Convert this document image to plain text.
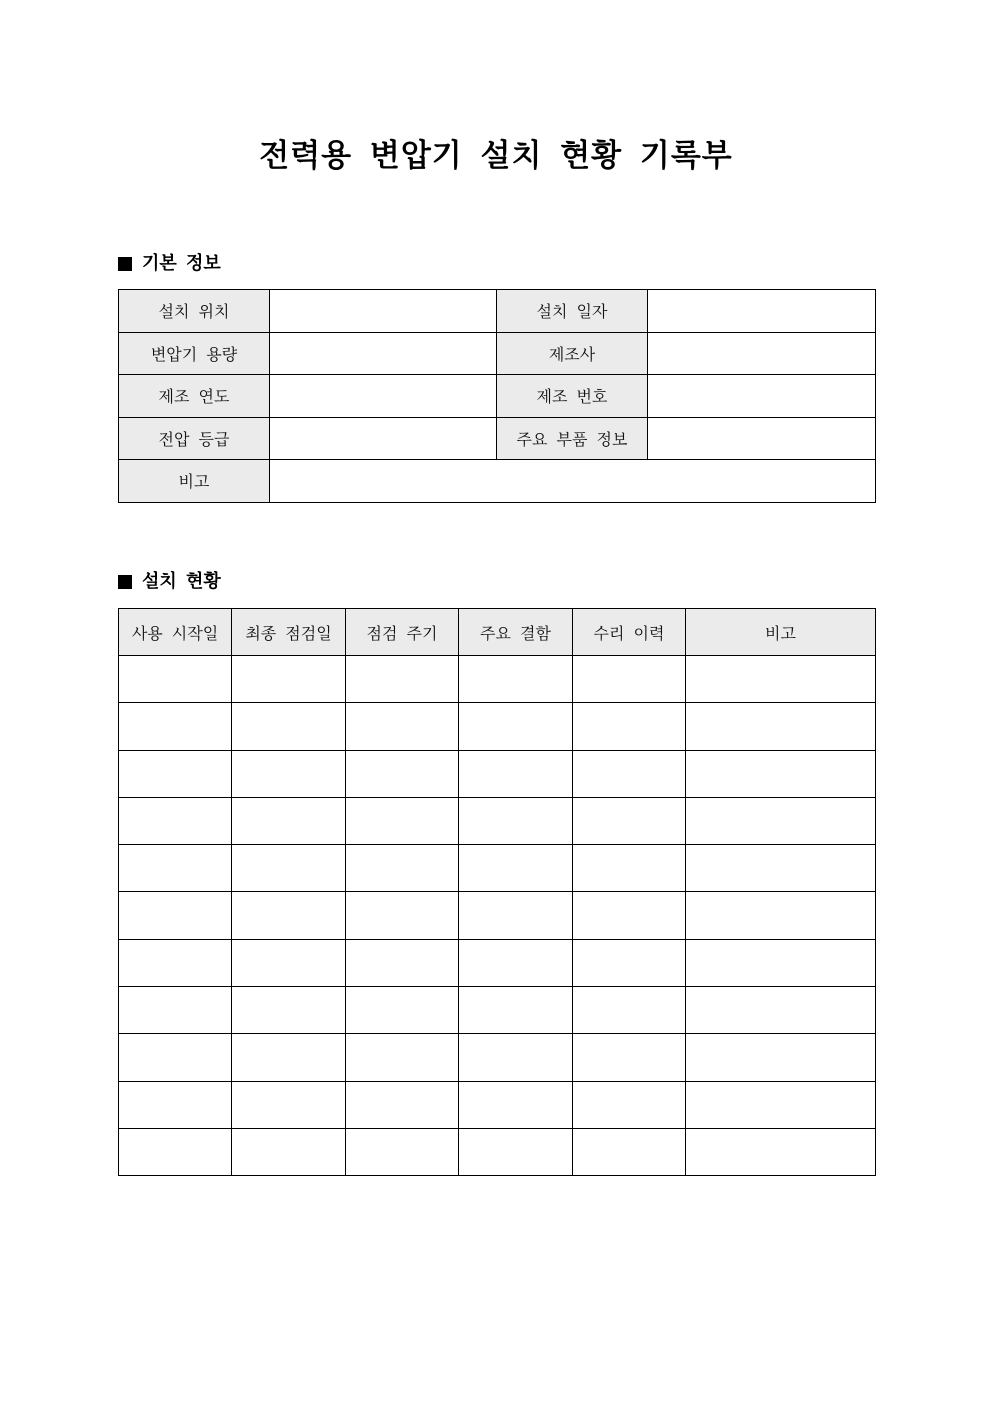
전력용 변압기 설치 현황 기록부
기본 정보
설치 위치		설치 일자	
변압기 용량		제조사	
제조 연도		제조 번호	
전압 등급		주요 부품 정보	
비고			
설치 현황
사용 시작일	최종 점검일	점검 주기	주요 결함	수리 이력	비고
